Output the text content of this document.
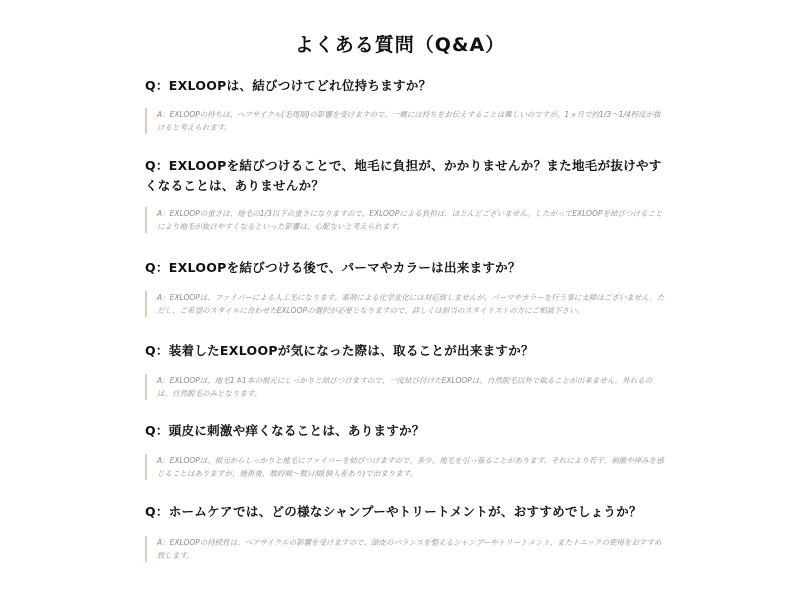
よくある質問（Q&A）

Q：EXLOOPは、結びつけてどれ位持ちますか？

A：EXLOOPの持ちは、ヘアサイクル(毛周期)の影響を受けますので、一概には持ちをお伝えすることは難しいのですが、1ヵ月で約1/3～1/4程度が抜けると考えられます。

Q：EXLOOPを結びつけることで、地毛に負担が、かかりませんか？また地毛が抜けやすくなることは、ありませんか？

A：EXLOOPの重さは、地毛の1/3以下の重さになりますので、EXLOOPによる負担は、ほとんどございません。したがってEXLOOPを結びつけることにより地毛が抜けやすくなるといった影響は、心配ないと考えられます。

Q：EXLOOPを結びつける後で、パーマやカラーは出来ますか？

A：EXLOOPは、ファイバーによる人工毛になります。薬剤による化学変化には対応致しませんが、パーマやカラーを行う事に支障はございません。ただし、ご希望のスタイルに合わせたEXLOOPの選択が必要となりますので、詳しくは担当のスタイリストの方にご相談下さい。

Q：装着したEXLOOPが気になった際は、取ることが出来ますか？

A：EXLOOPは、地毛1本1本の根元にしっかりと結びつけますので、一度結び付けたEXLOOPは、自然脱毛以外で取ることが出来ません。外れるのは、自然脱毛のみとなります。

Q：頭皮に刺激や痒くなることは、ありますか？

A：EXLOOPは、根元からしっかりと地毛にファイバーを結びつけますので、多少、地毛を引っ張ることがあります。それにより若干、刺激や痒みを感じることはありますが、施術後、数時間～数日間(個人差あり)で治まります。

Q：ホームケアでは、どの様なシャンプーやトリートメントが、おすすめでしょうか？

A：EXLOOPの持続性は、ヘアサイクルの影響を受けますので、頭皮のバランスを整えるシャンプーやトリートメント、またトニックの使用をおすすめ致します。
